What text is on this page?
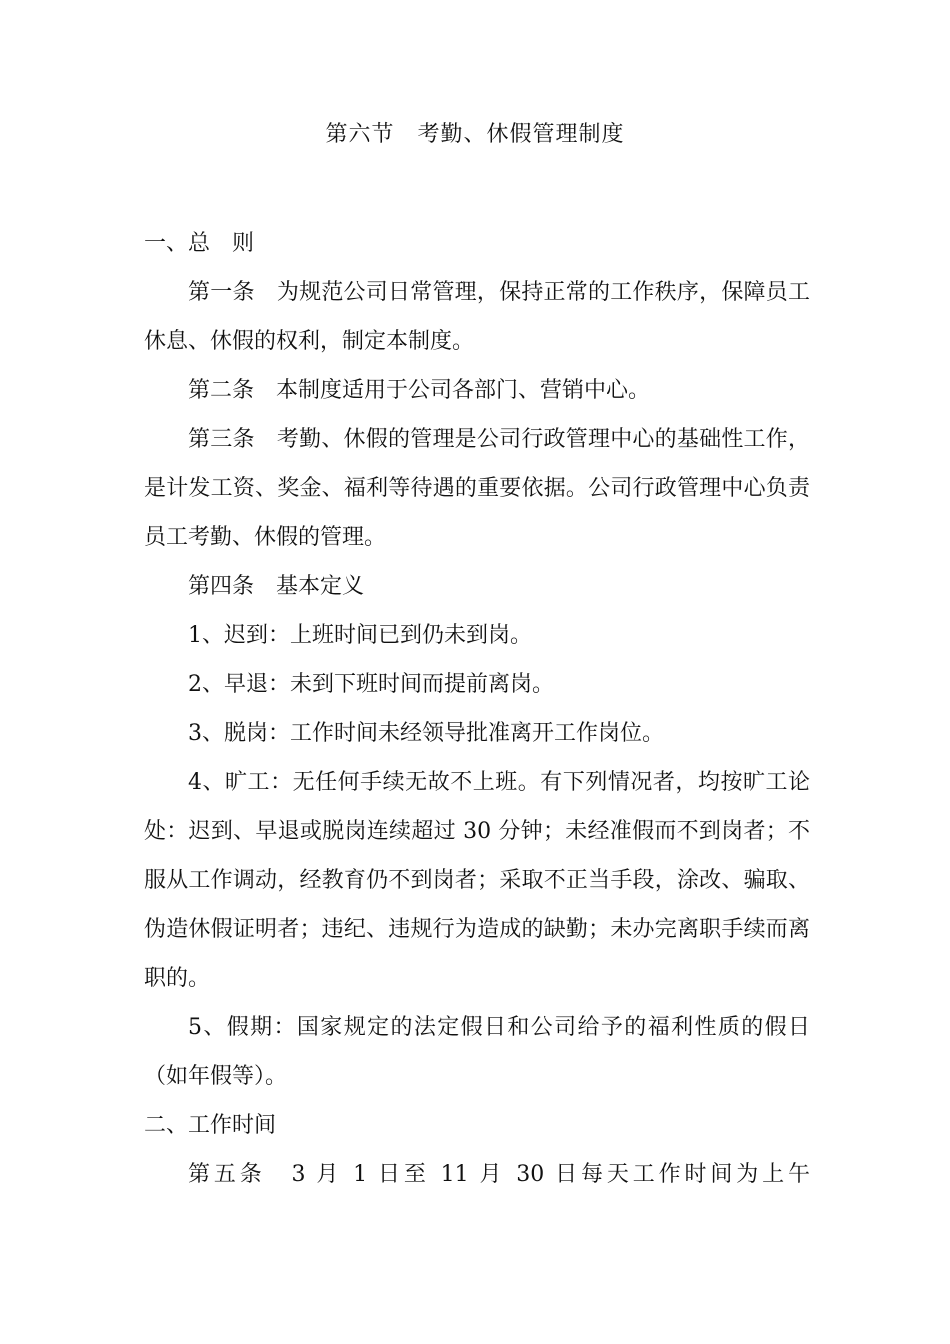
第六节　考勤、休假管理制度

一、总　则

第一条　为规范公司日常管理，保持正常的工作秩序，保障员工休息、休假的权利，制定本制度。

第二条　本制度适用于公司各部门、营销中心。

第三条　考勤、休假的管理是公司行政管理中心的基础性工作，是计发工资、奖金、福利等待遇的重要依据。公司行政管理中心负责员工考勤、休假的管理。

第四条　基本定义

1、迟到：上班时间已到仍未到岗。

2、早退：未到下班时间而提前离岗。

3、脱岗：工作时间未经领导批准离开工作岗位。

4、旷工：无任何手续无故不上班。有下列情况者，均按旷工论处：迟到、早退或脱岗连续超过 30 分钟；未经准假而不到岗者；不服从工作调动，经教育仍不到岗者；采取不正当手段，涂改、骗取、伪造休假证明者；违纪、违规行为造成的缺勤；未办完离职手续而离职的。

5、假期：国家规定的法定假日和公司给予的福利性质的假日（如年假等）。

二、工作时间

第五条　3 月 1 日至 11 月 30 日每天工作时间为上午
